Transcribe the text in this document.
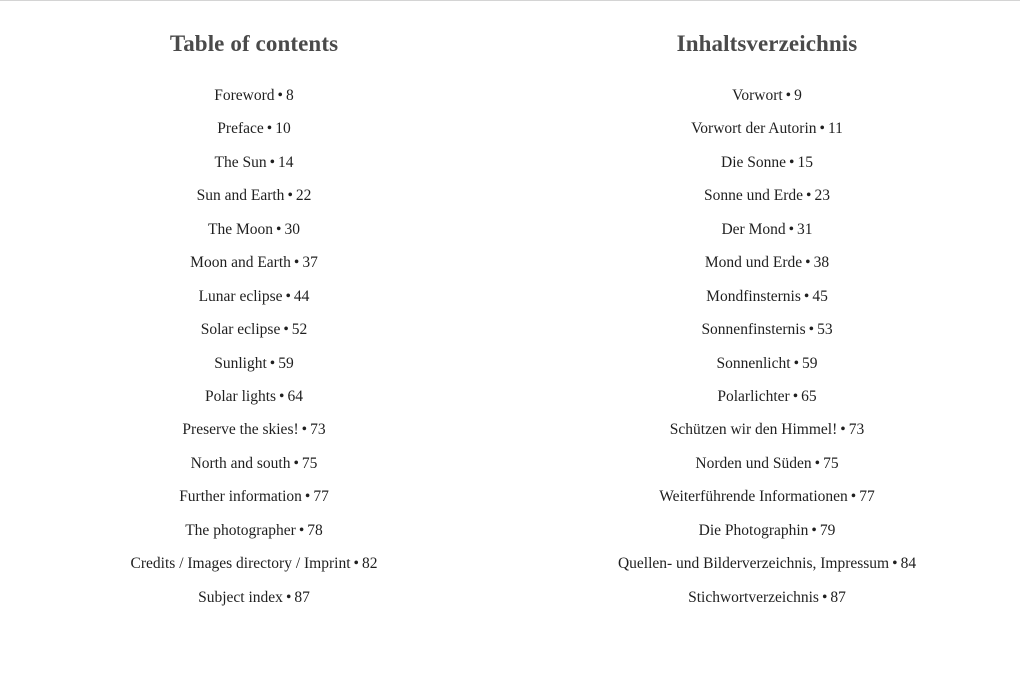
Table of contents
Foreword • 8
Preface • 10
The Sun • 14
Sun and Earth • 22
The Moon • 30
Moon and Earth • 37
Lunar eclipse • 44
Solar eclipse • 52
Sunlight • 59
Polar lights • 64
Preserve the skies! • 73
North and south • 75
Further information • 77
The photographer • 78
Credits / Images directory / Imprint • 82
Subject index • 87
Inhaltsverzeichnis
Vorwort • 9
Vorwort der Autorin • 11
Die Sonne • 15
Sonne und Erde • 23
Der Mond • 31
Mond und Erde • 38
Mondfinsternis • 45
Sonnenfinsternis • 53
Sonnenlicht • 59
Polarlichter • 65
Schützen wir den Himmel! • 73
Norden und Süden • 75
Weiterführende Informationen • 77
Die Photographin • 79
Quellen- und Bilderverzeichnis, Impressum • 84
Stichwortverzeichnis • 87
